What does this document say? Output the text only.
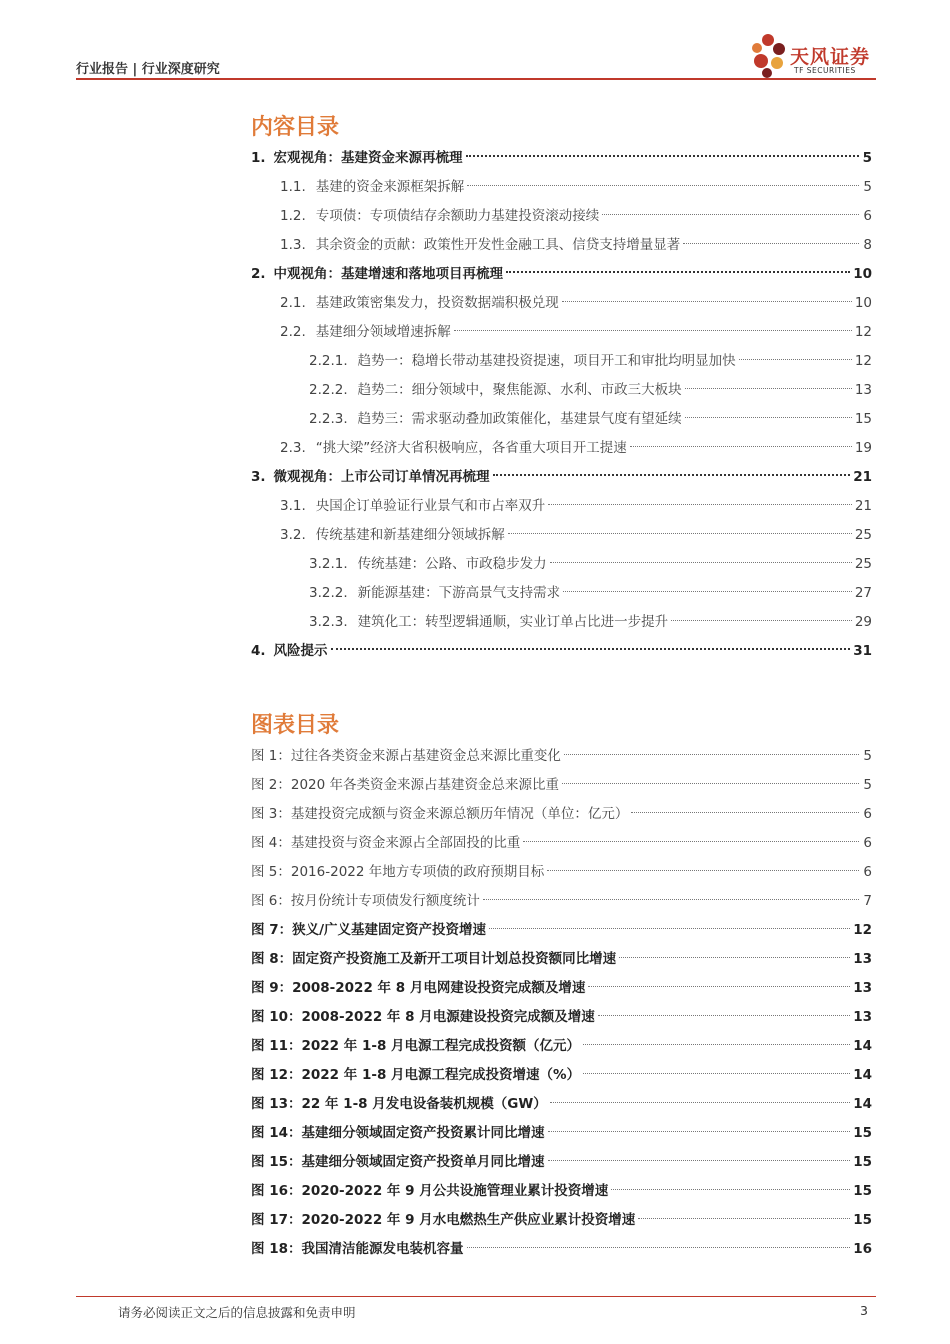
行业报告 | 行业深度研究
天风证券
TF SECURITIES
内容目录
1. 宏观视角：基建资金来源再梳理	5
1.1. 基建的资金来源框架拆解	5
1.2. 专项债：专项债结存余额助力基建投资滚动接续	6
1.3. 其余资金的贡献：政策性开发性金融工具、信贷支持增量显著	8
2. 中观视角：基建增速和落地项目再梳理	10
2.1. 基建政策密集发力，投资数据端积极兑现	10
2.2. 基建细分领域增速拆解	12
2.2.1. 趋势一：稳增长带动基建投资提速，项目开工和审批均明显加快	12
2.2.2. 趋势二：细分领域中，聚焦能源、水利、市政三大板块	13
2.2.3. 趋势三：需求驱动叠加政策催化，基建景气度有望延续	15
2.3. “挑大梁”经济大省积极响应，各省重大项目开工提速	19
3. 微观视角：上市公司订单情况再梳理	21
3.1. 央国企订单验证行业景气和市占率双升	21
3.2. 传统基建和新基建细分领域拆解	25
3.2.1. 传统基建：公路、市政稳步发力	25
3.2.2. 新能源基建：下游高景气支持需求	27
3.2.3. 建筑化工：转型逻辑通顺，实业订单占比进一步提升	29
4. 风险提示	31
图表目录
图 1：过往各类资金来源占基建资金总来源比重变化	5
图 2：2020 年各类资金来源占基建资金总来源比重	5
图 3：基建投资完成额与资金来源总额历年情况（单位：亿元）	6
图 4：基建投资与资金来源占全部固投的比重	6
图 5：2016-2022 年地方专项债的政府预期目标	6
图 6：按月份统计专项债发行额度统计	7
图 7：狭义/广义基建固定资产投资增速	12
图 8：固定资产投资施工及新开工项目计划总投资额同比增速	13
图 9：2008-2022 年 8 月电网建设投资完成额及增速	13
图 10：2008-2022 年 8 月电源建设投资完成额及增速	13
图 11：2022 年 1-8 月电源工程完成投资额（亿元）	14
图 12：2022 年 1-8 月电源工程完成投资增速（%）	14
图 13：22 年 1-8 月发电设备装机规模（GW）	14
图 14：基建细分领域固定资产投资累计同比增速	15
图 15：基建细分领域固定资产投资单月同比增速	15
图 16：2020-2022 年 9 月公共设施管理业累计投资增速	15
图 17：2020-2022 年 9 月水电燃热生产供应业累计投资增速	15
图 18：我国清洁能源发电装机容量	16
请务必阅读正文之后的信息披露和免责申明	3
